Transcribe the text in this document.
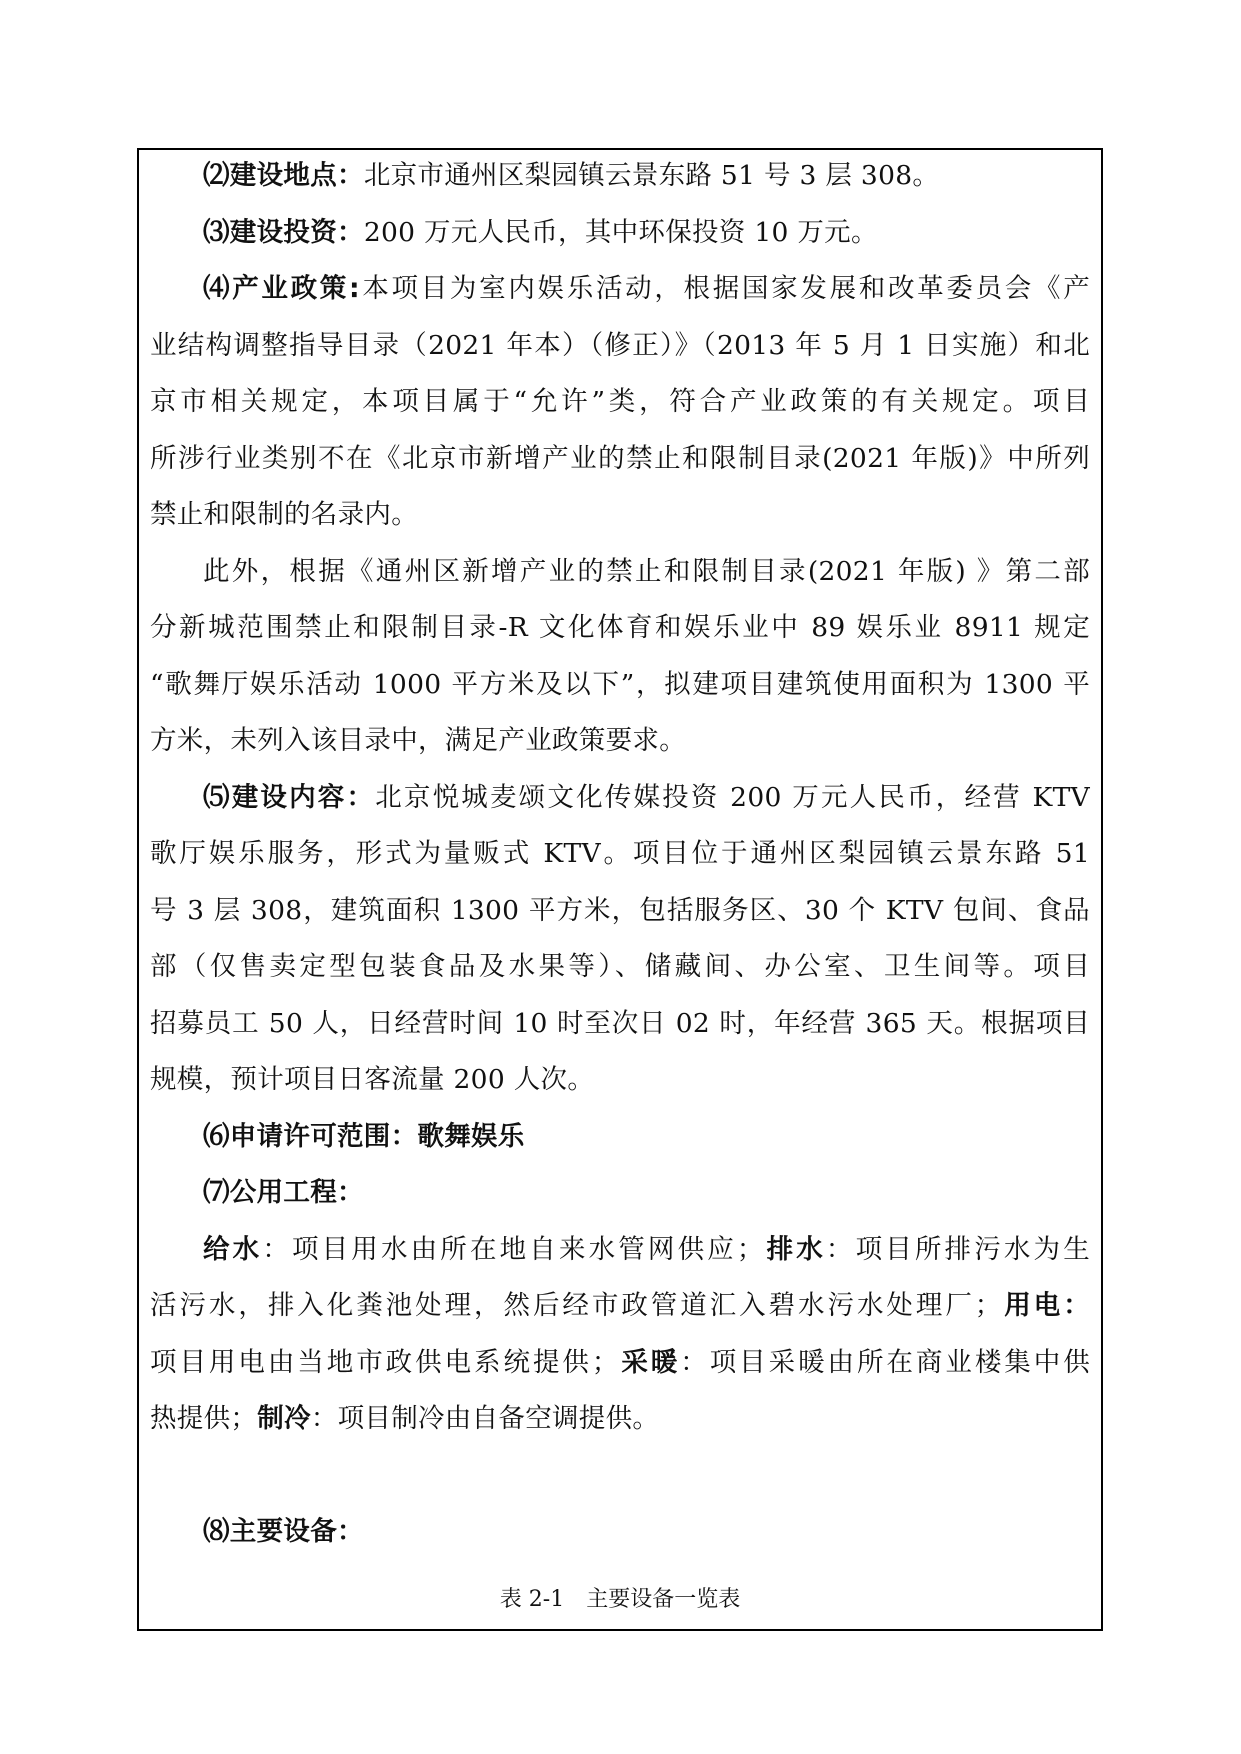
⑵建设地点：北京市通州区梨园镇云景东路 51 号 3 层 308。

⑶建设投资：200 万元人民币，其中环保投资 10 万元。

⑷产业政策:本项目为室内娱乐活动，根据国家发展和改革委员会《产

业结构调整指导目录（2021 年本）（修正）》（2013 年 5 月 1 日实施）和北

京市相关规定，本项目属于“允许”类，符合产业政策的有关规定。项目

所涉行业类别不在《北京市新增产业的禁止和限制目录(2021 年版)》中所列

禁止和限制的名录内。

此外，根据《通州区新增产业的禁止和限制目录(2021 年版) 》第二部

分新城范围禁止和限制目录-R 文化体育和娱乐业中 89 娱乐业 8911 规定

“歌舞厅娱乐活动 1000 平方米及以下”，拟建项目建筑使用面积为 1300 平

方米，未列入该目录中，满足产业政策要求。

⑸建设内容：北京悦城麦颂文化传媒投资 200 万元人民币，经营 KTV

歌厅娱乐服务，形式为量贩式 KTV。项目位于通州区梨园镇云景东路 51

号 3 层 308，建筑面积 1300 平方米，包括服务区、30 个 KTV 包间、食品

部（仅售卖定型包装食品及水果等）、储藏间、办公室、卫生间等。项目

招募员工 50 人，日经营时间 10 时至次日 02 时，年经营 365 天。根据项目

规模，预计项目日客流量 200 人次。

⑹申请许可范围：歌舞娱乐

⑺公用工程：

给水：项目用水由所在地自来水管网供应；排水：项目所排污水为生

活污水，排入化粪池处理，然后经市政管道汇入碧水污水处理厂；用电：

项目用电由当地市政供电系统提供；采暖：项目采暖由所在商业楼集中供

热提供；制冷：项目制冷由自备空调提供。

⑻主要设备：

表 2-1　主要设备一览表
